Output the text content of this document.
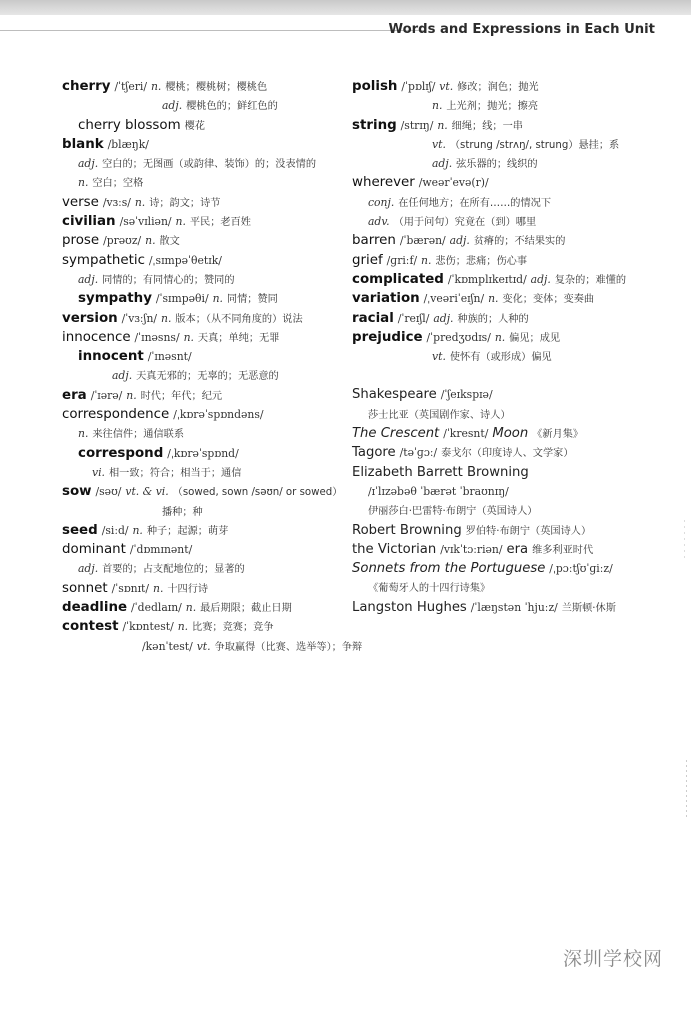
Words and Expressions in Each Unit
cherry /ˈtʃeri/ n. 樱桃；樱桃树；樱桃色
adj. 樱桃色的；鲜红色的
cherry blossom 樱花
blank /blæŋk/
adj. 空白的；无图画（或韵律、装饰）的；没表情的
n. 空白；空格
verse /vɜːs/ n. 诗；韵文；诗节
civilian /səˈvɪliən/ n. 平民；老百姓
prose /prəʊz/ n. 散文
sympathetic /ˌsɪmpəˈθetɪk/
adj. 同情的；有同情心的；赞同的
sympathy /ˈsɪmpəθi/ n. 同情；赞同
version /ˈvɜːʃn/ n. 版本；（从不同角度的）说法
innocence /ˈɪnəsns/ n. 天真；单纯；无罪
innocent /ˈɪnəsnt/
adj. 天真无邪的；无辜的；无恶意的
era /ˈɪərə/ n. 时代；年代；纪元
correspondence /ˌkɒrəˈspɒndəns/
n. 来往信件；通信联系
correspond /ˌkɒrəˈspɒnd/
vi. 相一致；符合；相当于；通信
sow /səʊ/ vt. & vi. （sowed, sown /səʊn/ or sowed）
播种；种
seed /siːd/ n. 种子；起源；萌芽
dominant /ˈdɒmɪnənt/
adj. 首要的；占支配地位的；显著的
sonnet /ˈsɒnɪt/ n. 十四行诗
deadline /ˈdedlaɪn/ n. 最后期限；截止日期
contest /ˈkɒntest/ n. 比赛；竞赛；竞争
/kənˈtest/ vt. 争取赢得（比赛、选举等）；争辩
polish /ˈpɒlɪʃ/ vt. 修改；润色；抛光
n. 上光剂；抛光；擦亮
string /strɪŋ/ n. 细绳；线；一串
vt. （strung /strʌŋ/, strung）悬挂；系
adj. 弦乐器的；线织的
wherever /weərˈevə(r)/
conj. 在任何地方；在所有……的情况下
adv. （用于问句）究竟在（到）哪里
barren /ˈbærən/ adj. 贫瘠的；不结果实的
grief /ɡriːf/ n. 悲伤；悲痛；伤心事
complicated /ˈkɒmplɪkeɪtɪd/ adj. 复杂的；难懂的
variation /ˌveəriˈeɪʃn/ n. 变化；变体；变奏曲
racial /ˈreɪʃl/ adj. 种族的；人种的
prejudice /ˈpredʒʊdɪs/ n. 偏见；成见
vt. 使怀有（或形成）偏见
Shakespeare /ˈʃeɪkspɪə/
莎士比亚（英国剧作家、诗人）
The Crescent /ˈkresnt/ Moon 《新月集》
Tagore /təˈɡɔː/ 泰戈尔（印度诗人、文学家）
Elizabeth Barrett Browning
/ɪˈlɪzəbəθ ˈbærət ˈbraʊnɪŋ/
伊丽莎白·巴雷特·布朗宁（英国诗人）
Robert Browning 罗伯特·布朗宁（英国诗人）
the Victorian /vɪkˈtɔːriən/ era 维多利亚时代
Sonnets from the Portuguese /ˌpɔːtʃʊˈɡiːz/
《葡萄牙人的十四行诗集》
Langston Hughes /ˈlæŋstən ˈhjuːz/ 兰斯顿·休斯
深圳学校网
